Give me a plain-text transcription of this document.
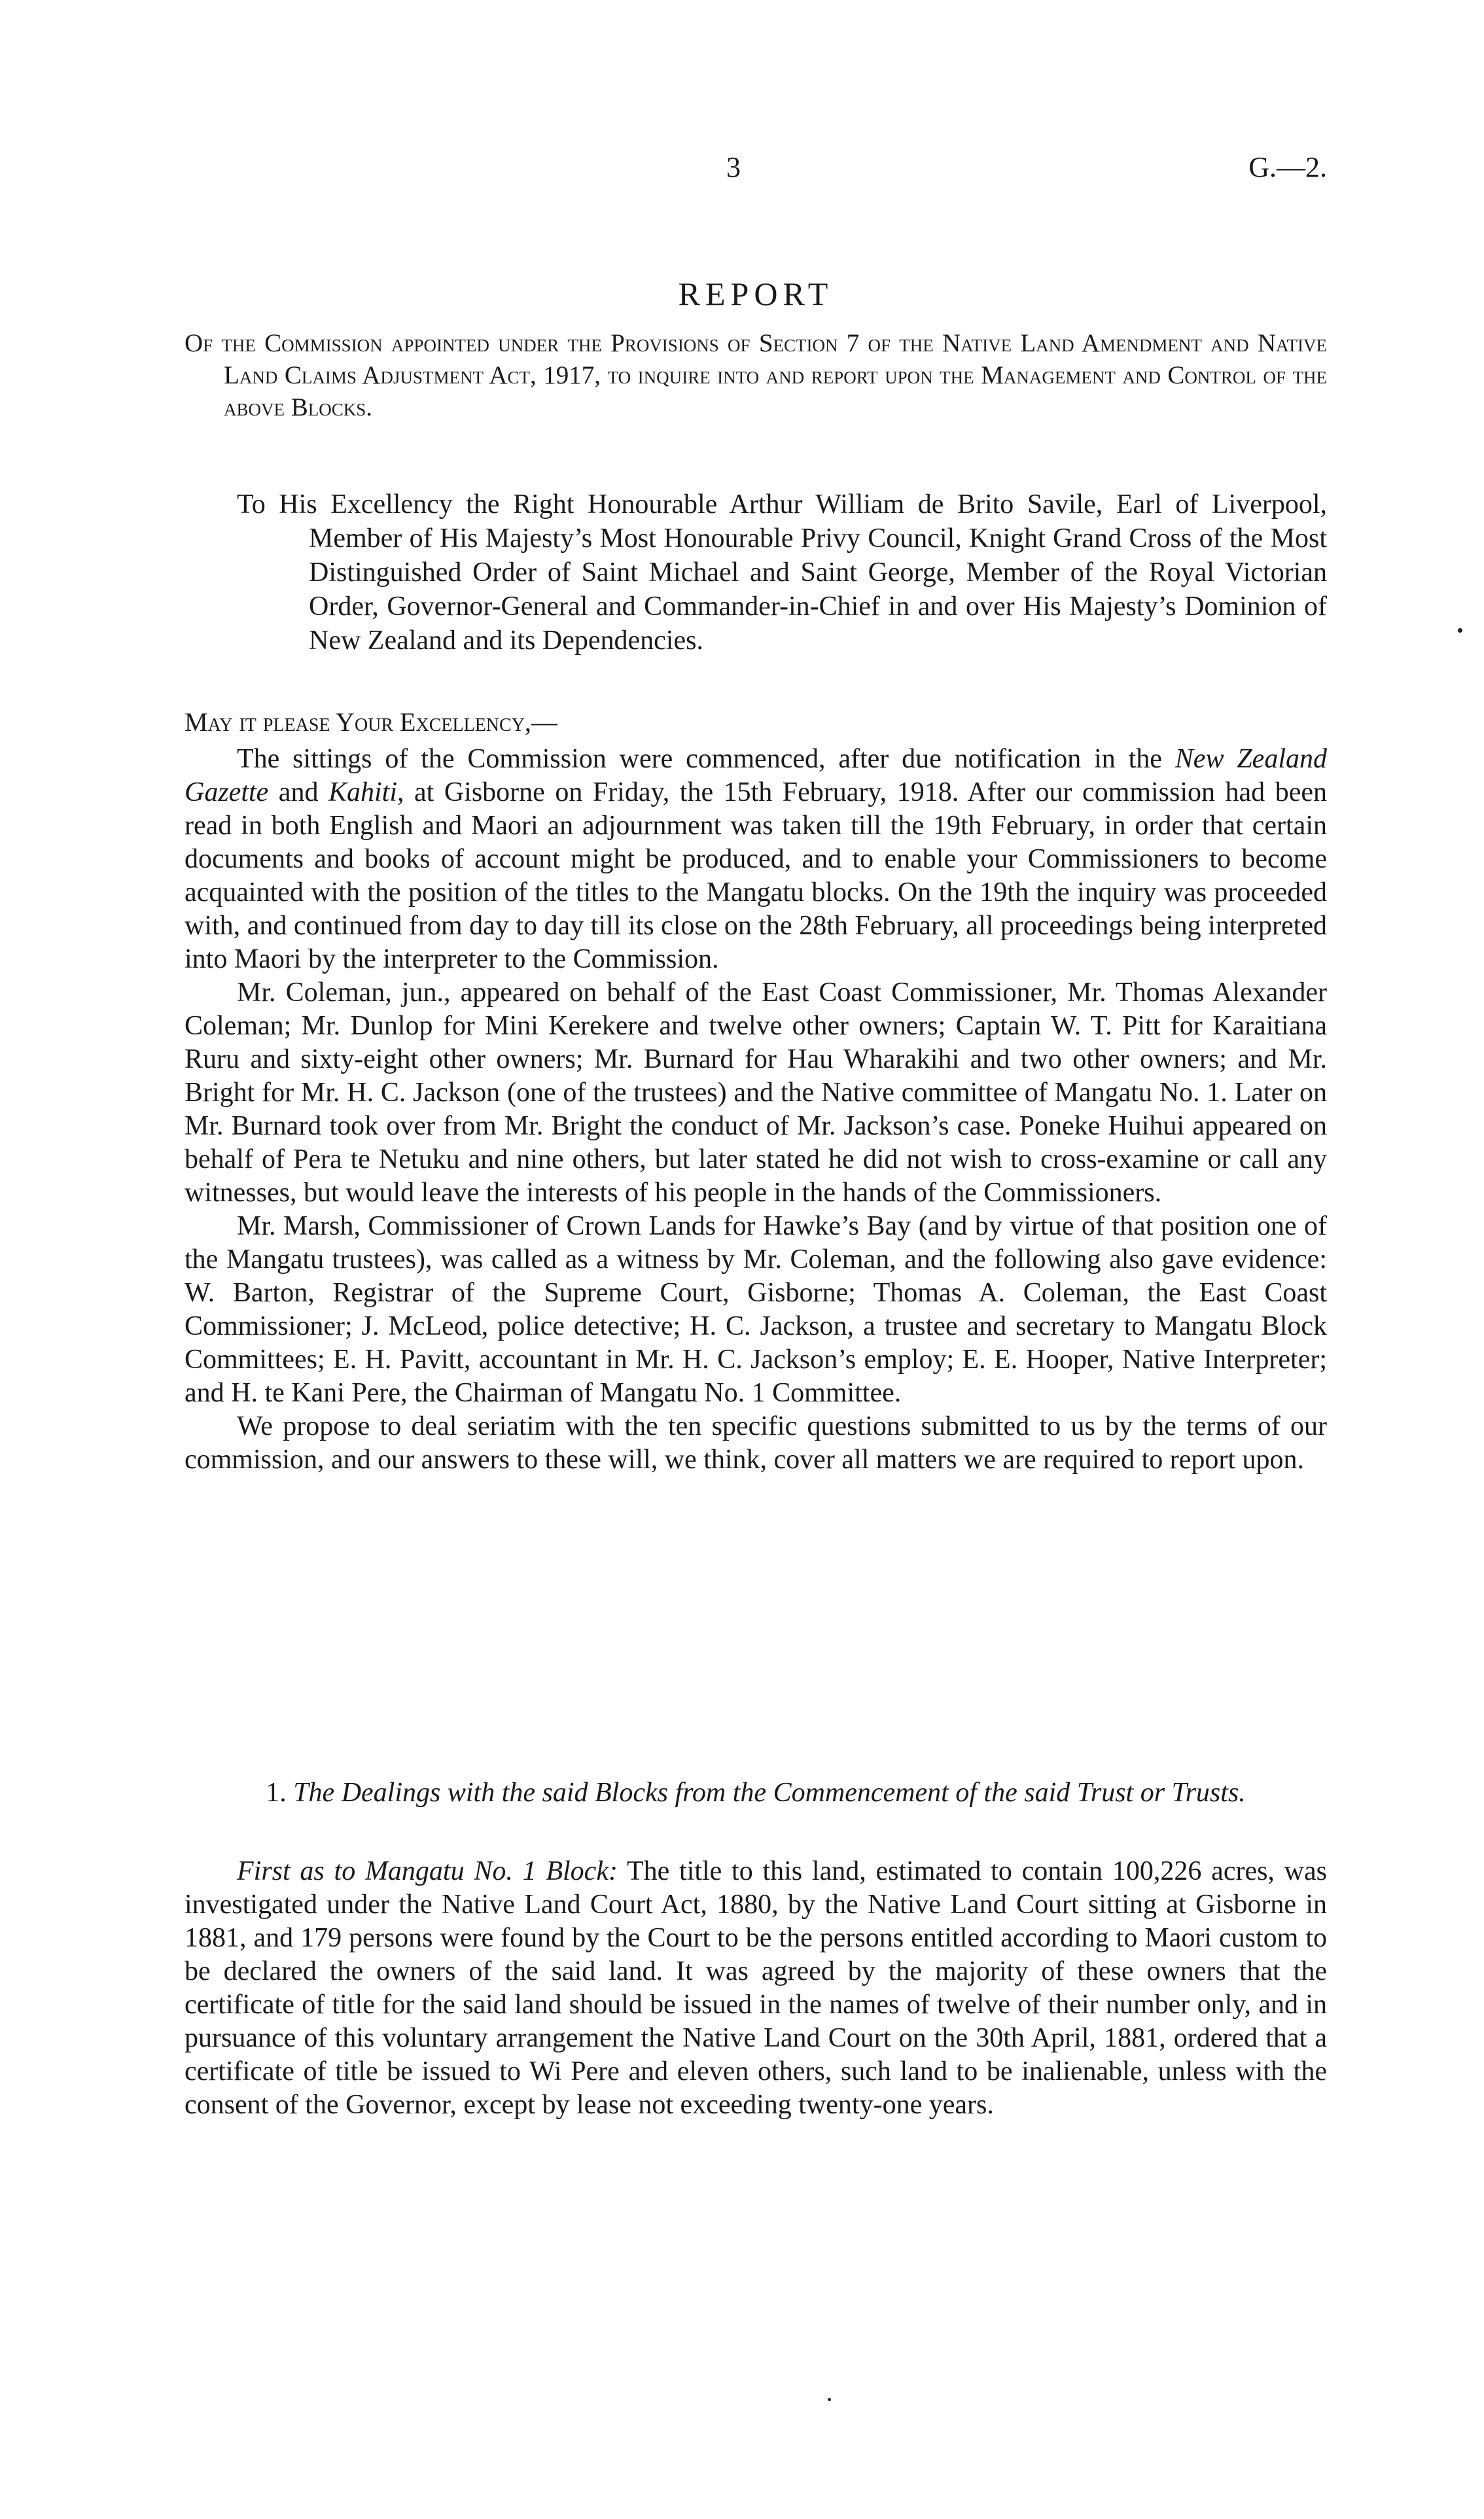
3	G.—2.
REPORT
Of the Commission appointed under the Provisions of Section 7 of the Native Land Amendment and Native Land Claims Adjustment Act, 1917, to inquire into and report upon the Management and Control of the above Blocks.
To His Excellency the Right Honourable Arthur William de Brito Savile, Earl of Liverpool, Member of His Majesty’s Most Honourable Privy Council, Knight Grand Cross of the Most Distinguished Order of Saint Michael and Saint George, Member of the Royal Victorian Order, Governor-General and Commander-in-Chief in and over His Majesty’s Dominion of New Zealand and its Dependencies.
May it please Your Excellency,—

The sittings of the Commission were commenced, after due notification in the New Zealand Gazette and Kahiti, at Gisborne on Friday, the 15th February, 1918. After our commission had been read in both English and Maori an adjournment was taken till the 19th February, in order that certain documents and books of account might be produced, and to enable your Commissioners to become acquainted with the position of the titles to the Mangatu blocks. On the 19th the inquiry was proceeded with, and continued from day to day till its close on the 28th February, all proceedings being interpreted into Maori by the interpreter to the Commission.

Mr. Coleman, jun., appeared on behalf of the East Coast Commissioner, Mr. Thomas Alexander Coleman; Mr. Dunlop for Mini Kerekere and twelve other owners; Captain W. T. Pitt for Karaitiana Ruru and sixty-eight other owners; Mr. Burnard for Hau Wharakihi and two other owners; and Mr. Bright for Mr. H. C. Jackson (one of the trustees) and the Native committee of Mangatu No. 1. Later on Mr. Burnard took over from Mr. Bright the conduct of Mr. Jackson’s case. Poneke Huihui appeared on behalf of Pera te Netuku and nine others, but later stated he did not wish to cross-examine or call any witnesses, but would leave the interests of his people in the hands of the Commissioners.

Mr. Marsh, Commissioner of Crown Lands for Hawke’s Bay (and by virtue of that position one of the Mangatu trustees), was called as a witness by Mr. Coleman, and the following also gave evidence: W. Barton, Registrar of the Supreme Court, Gisborne; Thomas A. Coleman, the East Coast Commissioner; J. McLeod, police detective; H. C. Jackson, a trustee and secretary to Mangatu Block Committees; E. H. Pavitt, accountant in Mr. H. C. Jackson’s employ; E. E. Hooper, Native Interpreter; and H. te Kani Pere, the Chairman of Mangatu No. 1 Committee.

We propose to deal seriatim with the ten specific questions submitted to us by the terms of our commission, and our answers to these will, we think, cover all matters we are required to report upon.

1. The Dealings with the said Blocks from the Commencement of the said Trust or Trusts.

First as to Mangatu No. 1 Block: The title to this land, estimated to contain 100,226 acres, was investigated under the Native Land Court Act, 1880, by the Native Land Court sitting at Gisborne in 1881, and 179 persons were found by the Court to be the persons entitled according to Maori custom to be declared the owners of the said land. It was agreed by the majority of these owners that the certificate of title for the said land should be issued in the names of twelve of their number only, and in pursuance of this voluntary arrangement the Native Land Court on the 30th April, 1881, ordered that a certificate of title be issued to Wi Pere and eleven others, such land to be inalienable, unless with the consent of the Governor, except by lease not exceeding twenty-one years.
